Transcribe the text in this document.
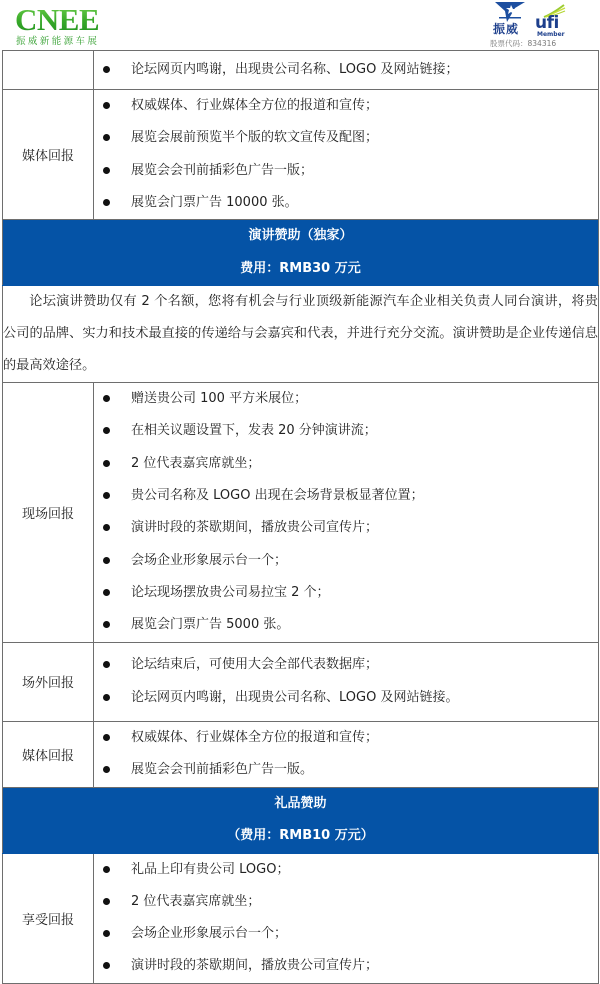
CNEE
振威新能源车展
振威 ufi
Member
股票代码：834316

论坛网页内鸣谢，出现贵公司名称、LOGO 及网站链接；

媒体回报	
权威媒体、行业媒体全方位的报道和宣传；
展览会展前预览半个版的软文宣传及配图；
展览会会刊前插彩色广告一版；
展览会门票广告 10000 张。

演讲赞助（独家）
费用：RMB30 万元	

论坛演讲赞助仅有 2 个名额，您将有机会与行业顶级新能源汽车企业相关负责人同台演讲，将贵公司的品牌、实力和技术最直接的传递给与会嘉宾和代表，并进行充分交流。演讲赞助是企业传递信息的最高效途径。	
现场回报	
赠送贵公司 100 平方米展位；
在相关议题设置下，发表 20 分钟演讲流；
2 位代表嘉宾席就坐；
贵公司名称及 LOGO 出现在会场背景板显著位置；
演讲时段的茶歇期间，播放贵公司宣传片；
会场企业形象展示台一个；
论坛现场摆放贵公司易拉宝 2 个；
展览会门票广告 5000 张。

场外回报	
论坛结束后，可使用大会全部代表数据库；
论坛网页内鸣谢，出现贵公司名称、LOGO 及网站链接。

媒体回报	
权威媒体、行业媒体全方位的报道和宣传；
展览会会刊前插彩色广告一版。

礼品赞助
（费用：RMB10 万元）	

享受回报	
礼品上印有贵公司 LOGO；
2 位代表嘉宾席就坐；
会场企业形象展示台一个；
演讲时段的茶歇期间，播放贵公司宣传片；
